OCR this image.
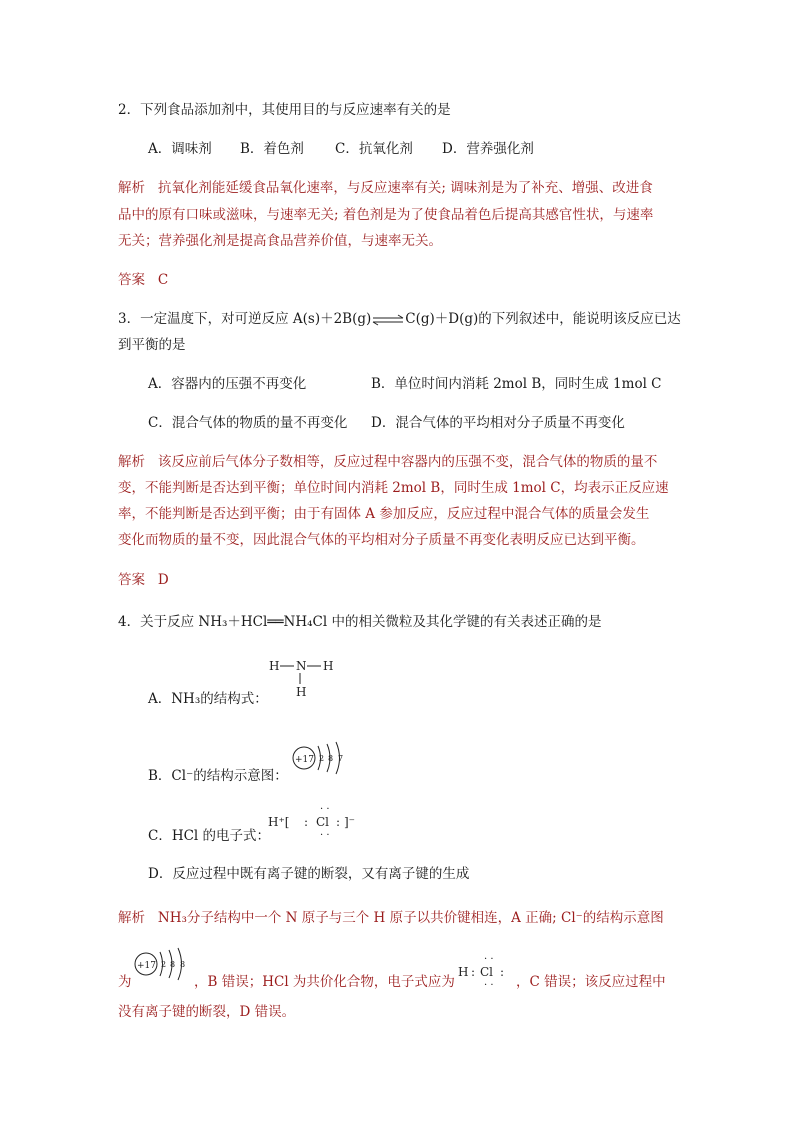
2．下列食品添加剂中，其使用目的与反应速率有关的是
A．调味剂 B．着色剂 C．抗氧化剂 D．营养强化剂
解析 抗氧化剂能延缓食品氧化速率，与反应速率有关; 调味剂是为了补充、增强、改进食
品中的原有口味或滋味，与速率无关; 着色剂是为了使食品着色后提高其感官性状，与速率
无关；营养强化剂是提高食品营养价值，与速率无关。
答案 C
3．一定温度下，对可逆反应 A(s)＋2B(g)⇌C(g)＋D(g)的下列叙述中，能说明该反应已达
到平衡的是
A．容器内的压强不再变化	B．单位时间内消耗 2mol B，同时生成 1mol C
C．混合气体的物质的量不再变化 D．混合气体的平均相对分子质量不再变化
解析 该反应前后气体分子数相等，反应过程中容器内的压强不变，混合气体的物质的量不
变，不能判断是否达到平衡；单位时间内消耗 2mol B，同时生成 1mol C，均表示正反应速
率，不能判断是否达到平衡；由于有固体 A 参加反应，反应过程中混合气体的质量会发生
变化而物质的量不变，因此混合气体的平均相对分子质量不再变化表明反应已达到平衡。
答案 D
4．关于反应 NH₃＋HCl══NH₄Cl 中的相关微粒及其化学键的有关表述正确的是
A．NH₃的结构式：
H N H
H
B．Cl⁻的结构示意图：
+17 2 8 7
C．HCl 的电子式：
H⁺[ : Cl :
· ·
· ·
]⁻
D．反应过程中既有离子键的断裂，又有离子键的生成
解析 NH₃分子结构中一个 N 原子与三个 H 原子以共价键相连，A 正确; Cl⁻的结构示意图
+17 2 8 8
为	，B 错误；HCl 为共价化合物，电子式应为
H : Cl :
· ·
· · ，C 错误；该反应过程中
没有离子键的断裂，D 错误。
